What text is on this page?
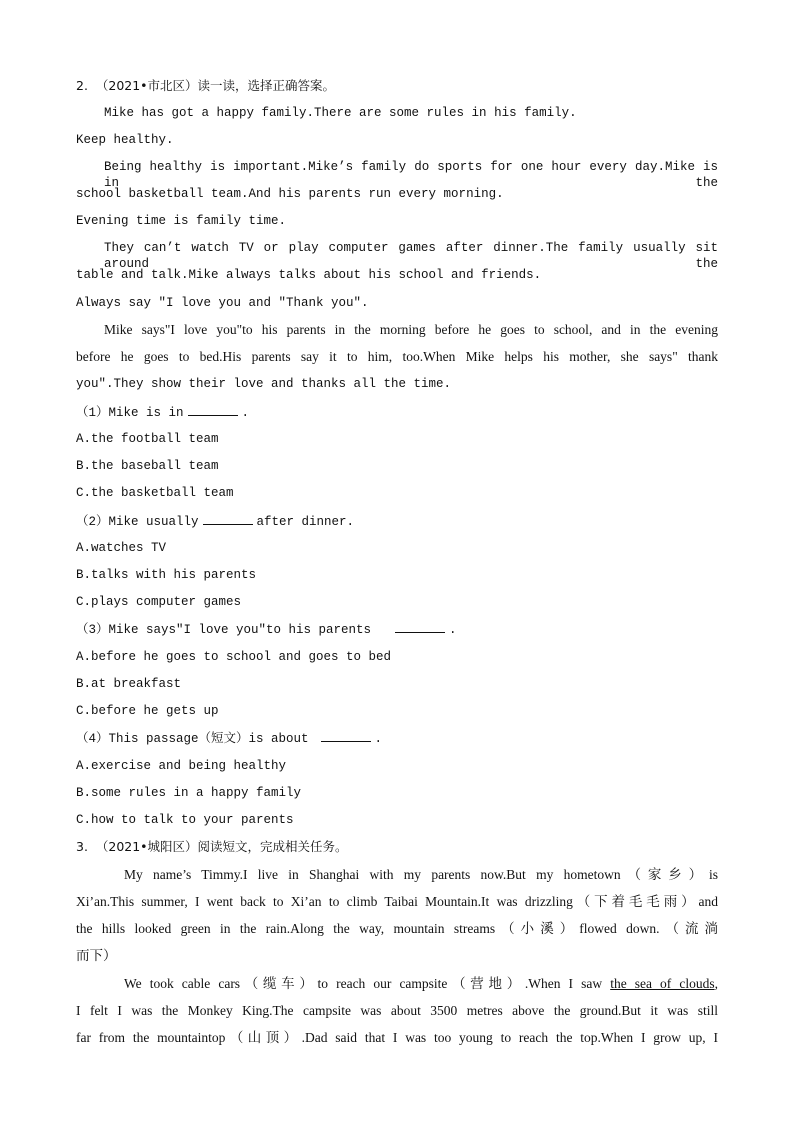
2.  （2021•市北区）读一读，选择正确答案。
Mike has got a happy family.There are some rules in his family.
Keep healthy.
Being healthy is important.Mike’s family do sports for one hour every day.Mike is in the
school basketball team.And his parents run every morning.
Evening time is family time.
They can’t watch TV or play computer games after dinner.The family usually sit around the
table and talk.Mike always talks about his school and friends.
Always say "I love you and "Thank you".
Mike says"I love you"to his parents in the morning before he goes to school, and in the evening
before he goes to bed.His parents say it to him, too.When Mike helps his mother, she says" thank
you".They show their love and thanks all the time.
（1）Mike is in	.
A.the football team
B.the baseball team
C.the basketball team
（2）Mike usually	after dinner.
A.watches TV
B.talks with his parents
C.plays computer games
（3）Mike says"I love you"to his parents	.
A.before he goes to school and goes to bed
B.at breakfast
C.before he gets up
（4）This passage（短文）is about	.
A.exercise and being healthy
B.some rules in a happy family
C.how to talk to your parents
3.  （2021•城阳区）阅读短文，完成相关任务。
My name’s Timmy.I live in Shanghai with my parents now.But my hometown（家乡）is
Xi’an.This summer, I went back to Xi’an to climb Taibai Mountain.It was drizzling（下着毛毛雨）and
the hills looked green in the rain.Along the way, mountain streams（小溪）flowed down.（流淌
而下）
We took cable cars（缆车）to reach our campsite（营地）.When I saw the sea of clouds,
I felt I was the Monkey King.The campsite was about 3500 metres above the ground.But it was still
far from the mountaintop（山顶）.Dad said that I was too young to reach the top.When I grow up, I
